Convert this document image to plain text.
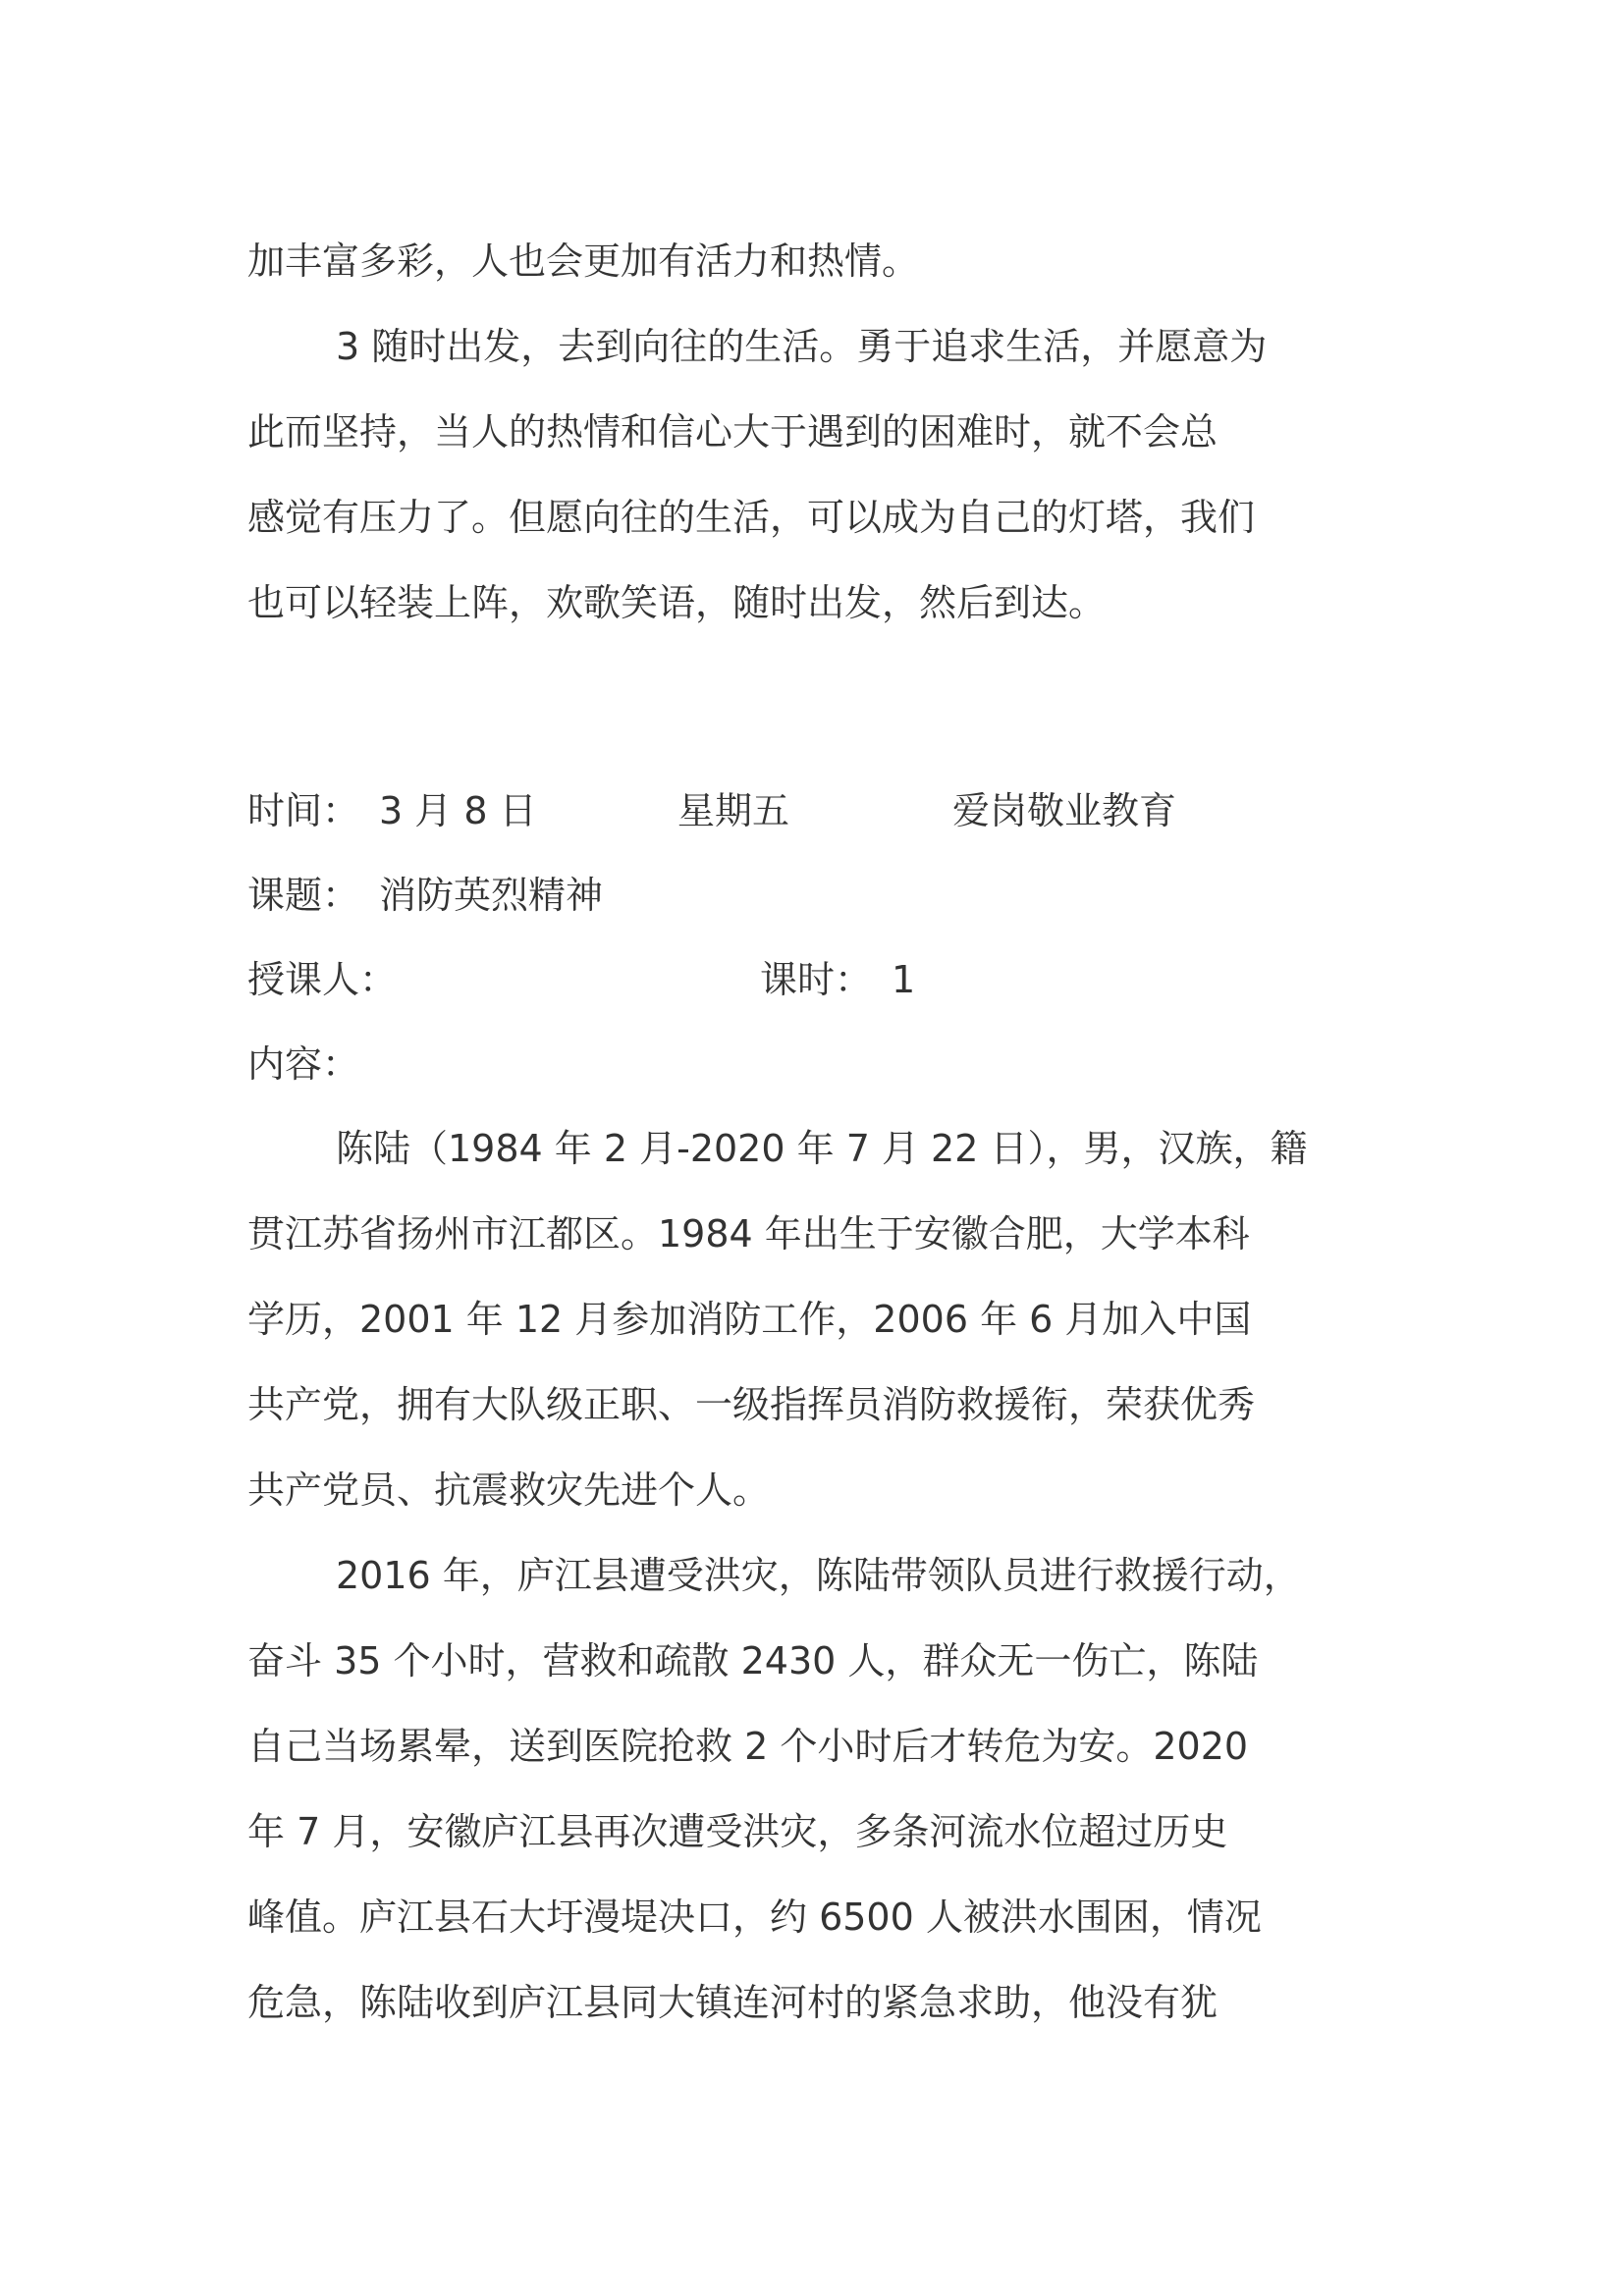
加丰富多彩，人也会更加有活力和热情。
3 随时出发，去到向往的生活。勇于追求生活，并愿意为
此而坚持，当人的热情和信心大于遇到的困难时，就不会总
感觉有压力了。但愿向往的生活，可以成为自己的灯塔，我们
也可以轻装上阵，欢歌笑语，随时出发，然后到达。
时间： 3 月 8 日	星期五	爱岗敬业教育
课题： 消防英烈精神
授课人：	课时： 1
内容：
陈陆（1984 年 2 月-2020 年 7 月 22 日），男，汉族，籍
贯江苏省扬州市江都区。1984 年出生于安徽合肥，大学本科
学历，2001 年 12 月参加消防工作，2006 年 6 月加入中国
共产党，拥有大队级正职、一级指挥员消防救援衔，荣获优秀
共产党员、抗震救灾先进个人。
2016 年，庐江县遭受洪灾，陈陆带领队员进行救援行动，
奋斗 35 个小时，营救和疏散 2430 人，群众无一伤亡，陈陆
自己当场累晕，送到医院抢救 2 个小时后才转危为安。2020
年 7 月，安徽庐江县再次遭受洪灾，多条河流水位超过历史
峰值。庐江县石大圩漫堤决口，约 6500 人被洪水围困，情况
危急，陈陆收到庐江县同大镇连河村的紧急求助，他没有犹
